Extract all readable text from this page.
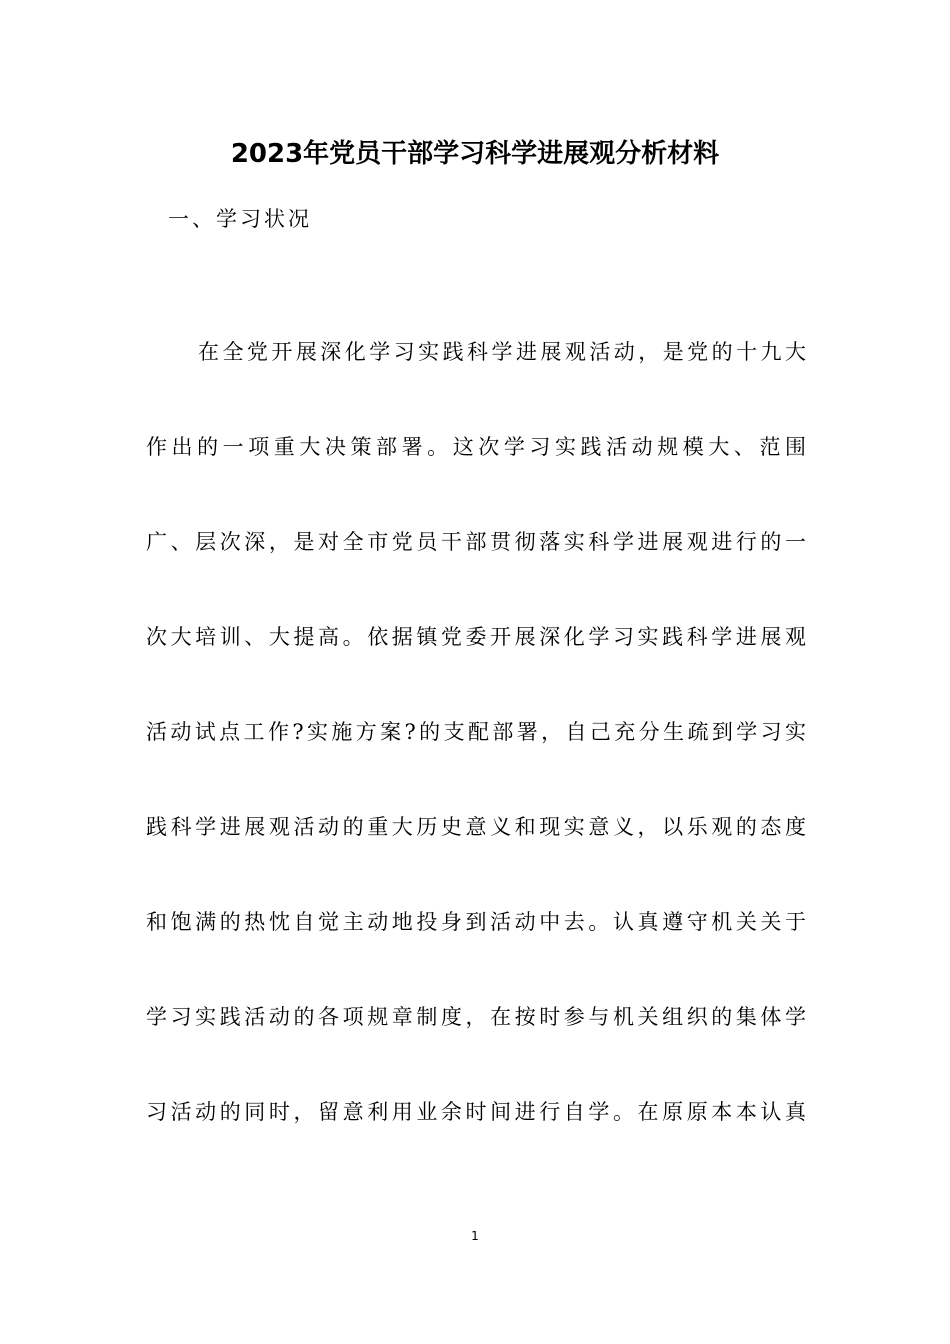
2023年党员干部学习科学进展观分析材料
一、学习状况
在全党开展深化学习实践科学进展观活动，是党的十九大
作出的一项重大决策部署。这次学习实践活动规模大、范围
广、层次深，是对全市党员干部贯彻落实科学进展观进行的一
次大培训、大提高。依据镇党委开展深化学习实践科学进展观
活动试点工作?实施方案?的支配部署，自己充分生疏到学习实
践科学进展观活动的重大历史意义和现实意义，以乐观的态度
和饱满的热忱自觉主动地投身到活动中去。认真遵守机关关于
学习实践活动的各项规章制度，在按时参与机关组织的集体学
习活动的同时，留意利用业余时间进行自学。在原原本本认真
1
